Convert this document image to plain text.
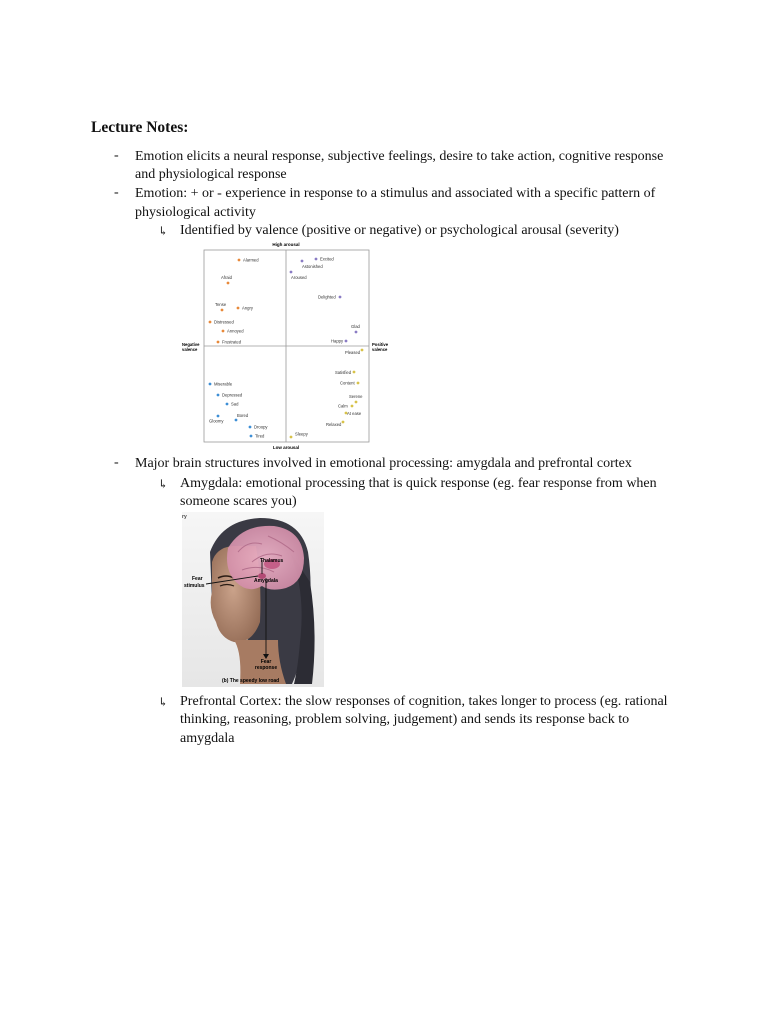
Lecture Notes:
- Emotion elicits a neural response, subjective feelings, desire to take action, cognitive response
and physiological response
- Emotion: + or - experience in response to a stimulus and associated with a specific pattern of
physiological activity
↳ Identified by valence (positive or negative) or psychological arousal (severity)
High arousal
Low arousal
Negative
valence
Positive
valence
Alarmed
Afraid
Tense
Angry
Distressed
Annoyed
Frustrated
Excited
Astonished
Aroused
Delighted
Glad
Happy
Pleased
Miserable
Depressed
Sad
Bored
Gloomy
Droopy
Tired	Sleepy
Satisfied
Content
Serene
Calm
At ease
Relaxed
- Major brain structures involved in emotional processing: amygdala and prefrontal cortex
↳ Amygdala: emotional processing that is quick response (eg. fear response from when
someone scares you)
ry
Thalamus
Amygdala
Fear
stimulus
Fear
response
(b) The speedy low road
↳ Prefrontal Cortex: the slow responses of cognition, takes longer to process (eg. rational
thinking, reasoning, problem solving, judgement) and sends its response back to
amygdala
